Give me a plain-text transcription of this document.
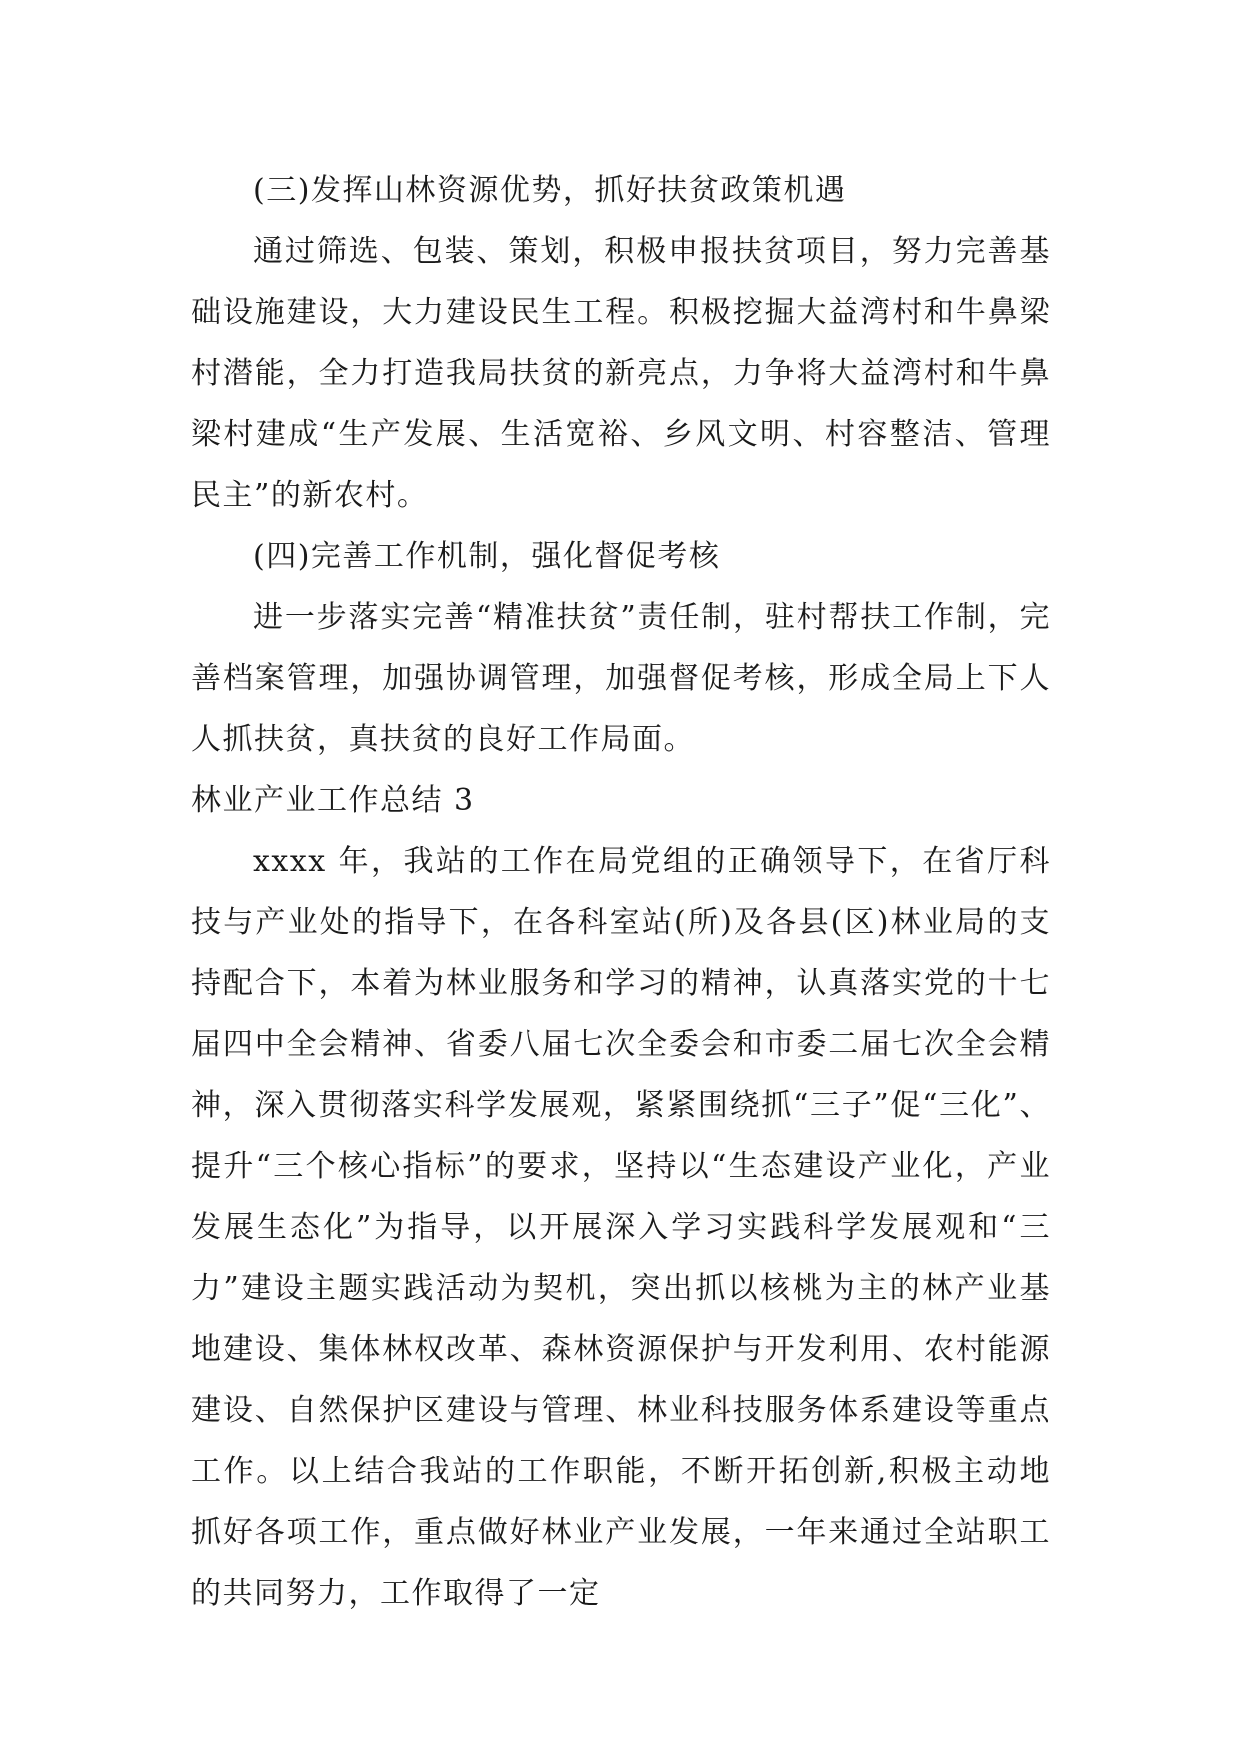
(三)发挥山林资源优势，抓好扶贫政策机遇

通过筛选、包装、策划，积极申报扶贫项目，努力完善基础设施建设，大力建设民生工程。积极挖掘大益湾村和牛鼻梁村潜能，全力打造我局扶贫的新亮点，力争将大益湾村和牛鼻梁村建成“生产发展、生活宽裕、乡风文明、村容整洁、管理民主”的新农村。

(四)完善工作机制，强化督促考核

进一步落实完善“精准扶贫”责任制，驻村帮扶工作制，完善档案管理，加强协调管理，加强督促考核，形成全局上下人人抓扶贫，真扶贫的良好工作局面。

林业产业工作总结 3

xxxx 年，我站的工作在局党组的正确领导下，在省厅科技与产业处的指导下，在各科室站(所)及各县(区)林业局的支持配合下，本着为林业服务和学习的精神，认真落实党的十七届四中全会精神、省委八届七次全委会和市委二届七次全会精神，深入贯彻落实科学发展观，紧紧围绕抓“三子”促“三化”、提升“三个核心指标”的要求，坚持以“生态建设产业化，产业发展生态化”为指导，以开展深入学习实践科学发展观和“三力”建设主题实践活动为契机，突出抓以核桃为主的林产业基地建设、集体林权改革、森林资源保护与开发利用、农村能源建设、自然保护区建设与管理、林业科技服务体系建设等重点工作。以上结合我站的工作职能，不断开拓创新,积极主动地抓好各项工作，重点做好林业产业发展，一年来通过全站职工的共同努力，工作取得了一定
